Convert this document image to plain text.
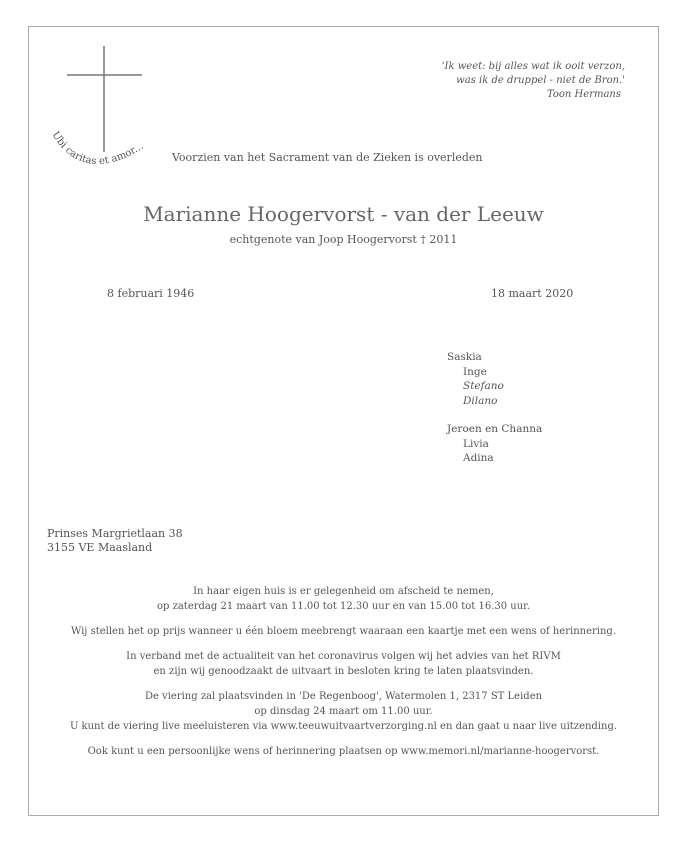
Ubi caritas et amor...
'Ik weet: bij alles wat ik ooit verzon,
was ik de druppel - niet de Bron.'
Toon Hermans
Voorzien van het Sacrament van de Zieken is overleden
Marianne Hoogervorst - van der Leeuw
echtgenote van Joop Hoogervorst † 2011
8 februari 1946	18 maart 2020
Saskia
Inge
Stefano
Dilano
Jeroen en Channa
Livia
Adina
Prinses Margrietlaan 38
3155 VE Maasland

In haar eigen huis is er gelegenheid om afscheid te nemen,
op zaterdag 21 maart van 11.00 tot 12.30 uur en van 15.00 tot 16.30 uur.

Wij stellen het op prijs wanneer u één bloem meebrengt waaraan een kaartje met een wens of herinnering.

In verband met de actualiteit van het coronavirus volgen wij het advies van het RIVM
en zijn wij genoodzaakt de uitvaart in besloten kring te laten plaatsvinden.

De viering zal plaatsvinden in 'De Regenboog', Watermolen 1, 2317 ST Leiden
op dinsdag 24 maart om 11.00 uur.
U kunt de viering live meeluisteren via www.teeuwuitvaartverzorging.nl en dan gaat u naar live uitzending.

Ook kunt u een persoonlijke wens of herinnering plaatsen op www.memori.nl/marianne-hoogervorst.
